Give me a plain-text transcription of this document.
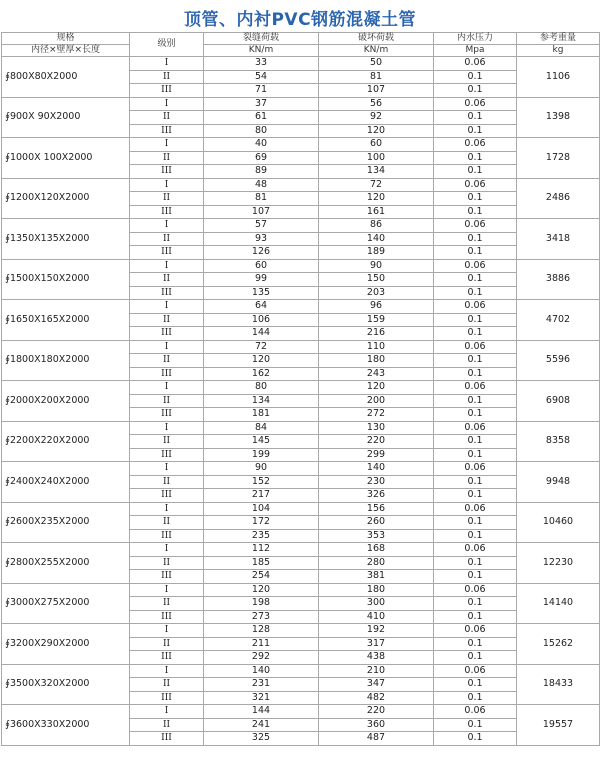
顶管、内衬PVC钢筋混凝土管
规格	级别	裂缝荷载	破坏荷载	内水压力	参考重量
内径×壁厚×长度		KN/m	KN/m	Mpa	kg
∮800X80X2000	I	33	50	0.06	1106
	II	54	81	0.1	
	III	71	107	0.1	
∮900X 90X2000	I	37	56	0.06	1398
	II	61	92	0.1	
	III	80	120	0.1	
∮1000X 100X2000	I	40	60	0.06	1728
	II	69	100	0.1	
	III	89	134	0.1	
∮1200X120X2000	I	48	72	0.06	2486
	II	81	120	0.1	
	III	107	161	0.1	
∮1350X135X2000	I	57	86	0.06	3418
	II	93	140	0.1	
	III	126	189	0.1	
∮1500X150X2000	I	60	90	0.06	3886
	II	99	150	0.1	
	III	135	203	0.1	
∮1650X165X2000	I	64	96	0.06	4702
	II	106	159	0.1	
	III	144	216	0.1	
∮1800X180X2000	I	72	110	0.06	5596
	II	120	180	0.1	
	III	162	243	0.1	
∮2000X200X2000	I	80	120	0.06	6908
	II	134	200	0.1	
	III	181	272	0.1	
∮2200X220X2000	I	84	130	0.06	8358
	II	145	220	0.1	
	III	199	299	0.1	
∮2400X240X2000	I	90	140	0.06	9948
	II	152	230	0.1	
	III	217	326	0.1	
∮2600X235X2000	I	104	156	0.06	10460
	II	172	260	0.1	
	III	235	353	0.1	
∮2800X255X2000	I	112	168	0.06	12230
	II	185	280	0.1	
	III	254	381	0.1	
∮3000X275X2000	I	120	180	0.06	14140
	II	198	300	0.1	
	III	273	410	0.1	
∮3200X290X2000	I	128	192	0.06	15262
	II	211	317	0.1	
	III	292	438	0.1	
∮3500X320X2000	I	140	210	0.06	18433
	II	231	347	0.1	
	III	321	482	0.1	
∮3600X330X2000	I	144	220	0.06	19557
	II	241	360	0.1	
	III	325	487	0.1	
